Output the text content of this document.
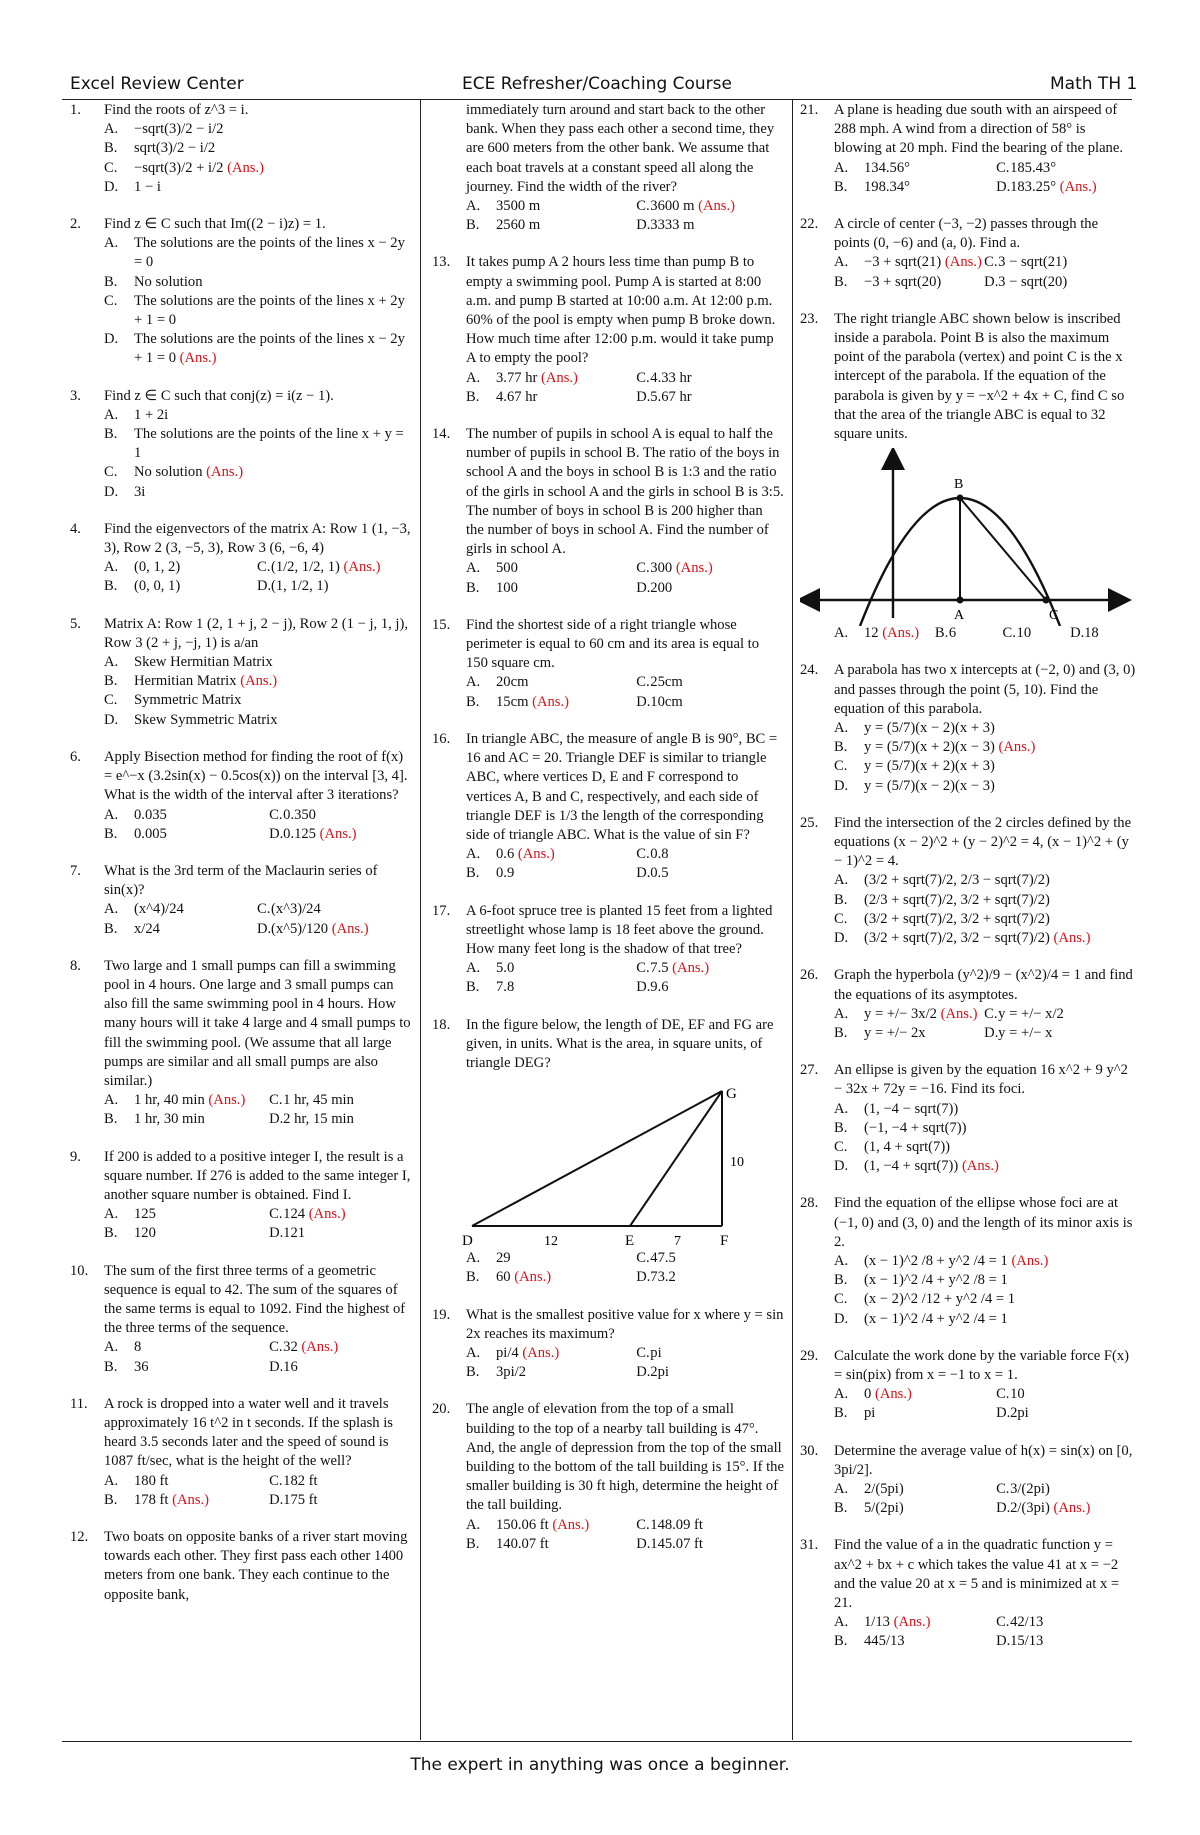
Excel Review Center	ECE Refresher/Coaching Course	Math TH 1
1. Find the roots of z^3 = i.
A. −sqrt(3)/2 − i/2
B. sqrt(3)/2 − i/2
C. −sqrt(3)/2 + i/2 (Ans.)
D. 1 − i
2. Find z ∈ C such that Im((2 − i)z) = 1.
A. The solutions are the points of the lines x − 2y = 0
B. No solution
C. The solutions are the points of the lines x + 2y + 1 = 0
D. The solutions are the points of the lines x − 2y + 1 = 0 (Ans.)
3. Find z ∈ C such that conj(z) = i(z − 1).
A. 1 + 2i
B. The solutions are the points of the line x + y = 1
C. No solution (Ans.)
D. 3i
4. Find the eigenvectors of the matrix A: Row 1 (1, −3, 3), Row 2 (3, −5, 3), Row 3 (6, −6, 4)
A. (0, 1, 2)	C. (1/2, 1/2, 1) (Ans.)
B. (0, 0, 1)	D. (1, 1/2, 1)
5. Matrix A: Row 1 (2, 1 + j, 2 − j), Row 2 (1 − j, 1, j), Row 3 (2 + j, −j, 1) is a/an
A. Skew Hermitian Matrix
B. Hermitian Matrix (Ans.)
C. Symmetric Matrix
D. Skew Symmetric Matrix
6. Apply Bisection method for finding the root of f(x) = e^−x (3.2sin(x) − 0.5cos(x)) on the interval [3, 4]. What is the width of the interval after 3 iterations?
A. 0.035	C. 0.350
B. 0.005	D. 0.125 (Ans.)
7. What is the 3rd term of the Maclaurin series of sin(x)?
A. (x^4)/24	C. (x^3)/24
B. x/24	D. (x^5)/120 (Ans.)
8. Two large and 1 small pumps can fill a swimming pool in 4 hours. One large and 3 small pumps can also fill the same swimming pool in 4 hours. How many hours will it take 4 large and 4 small pumps to fill the swimming pool. (We assume that all large pumps are similar and all small pumps are also similar.)
A. 1 hr, 40 min (Ans.)	C. 1 hr, 45 min
B. 1 hr, 30 min	D. 2 hr, 15 min
9. If 200 is added to a positive integer I, the result is a square number. If 276 is added to the same integer I, another square number is obtained. Find I.
A. 125	C. 124 (Ans.)
B. 120	D. 121
10. The sum of the first three terms of a geometric sequence is equal to 42. The sum of the squares of the same terms is equal to 1092. Find the highest of the three terms of the sequence.
A. 8	C. 32 (Ans.)
B. 36	D. 16
11. A rock is dropped into a water well and it travels approximately 16 t^2 in t seconds. If the splash is heard 3.5 seconds later and the speed of sound is 1087 ft/sec, what is the height of the well?
A. 180 ft	C. 182 ft
B. 178 ft (Ans.)	D. 175 ft
12. Two boats on opposite banks of a river start moving towards each other. They first pass each other 1400 meters from one bank. They each continue to the opposite bank,
immediately turn around and start back to the other bank. When they pass each other a second time, they are 600 meters from the other bank. We assume that each boat travels at a constant speed all along the journey. Find the width of the river?
A. 3500 m	C. 3600 m (Ans.)
B. 2560 m	D. 3333 m
13. It takes pump A 2 hours less time than pump B to empty a swimming pool. Pump A is started at 8:00 a.m. and pump B started at 10:00 a.m. At 12:00 p.m. 60% of the pool is empty when pump B broke down. How much time after 12:00 p.m. would it take pump A to empty the pool?
A. 3.77 hr (Ans.)	C. 4.33 hr
B. 4.67 hr	D. 5.67 hr
14. The number of pupils in school A is equal to half the number of pupils in school B. The ratio of the boys in school A and the boys in school B is 1:3 and the ratio of the girls in school A and the girls in school B is 3:5. The number of boys in school B is 200 higher than the number of boys in school A. Find the number of girls in school A.
A. 500	C. 300 (Ans.)
B. 100	D. 200
15. Find the shortest side of a right triangle whose perimeter is equal to 60 cm and its area is equal to 150 square cm.
A. 20cm	C. 25cm
B. 15cm (Ans.)	D. 10cm
16. In triangle ABC, the measure of angle B is 90°, BC = 16 and AC = 20. Triangle DEF is similar to triangle ABC, where vertices D, E and F correspond to vertices A, B and C, respectively, and each side of triangle DEF is 1/3 the length of the corresponding side of triangle ABC. What is the value of sin F?
A. 0.6 (Ans.)	C. 0.8
B. 0.9	D. 0.5
17. A 6-foot spruce tree is planted 15 feet from a lighted streetlight whose lamp is 18 feet above the ground. How many feet long is the shadow of that tree?
A. 5.0	C. 7.5 (Ans.)
B. 7.8	D. 9.6
18. In the figure below, the length of DE, EF and FG are given, in units. What is the area, in square units, of triangle DEG?
D	E	F
G
12	7
10
A. 29	C. 47.5
B. 60 (Ans.)	D. 73.2
19. What is the smallest positive value for x where y = sin 2x reaches its maximum?
A. pi/4 (Ans.)	C. pi
B. 3pi/2	D. 2pi
20. The angle of elevation from the top of a small building to the top of a nearby tall building is 47°. And, the angle of depression from the top of the small building to the bottom of the tall building is 15°. If the smaller building is 30 ft high, determine the height of the tall building.
A. 150.06 ft (Ans.)	C. 148.09 ft
B. 140.07 ft	D. 145.07 ft
21. A plane is heading due south with an airspeed of 288 mph. A wind from a direction of 58° is blowing at 20 mph. Find the bearing of the plane.
A. 134.56°	C. 185.43°
B. 198.34°	D. 183.25° (Ans.)
22. A circle of center (−3, −2) passes through the points (0, −6) and (a, 0). Find a.
A. −3 + sqrt(21) (Ans.) C. 3 − sqrt(21)
B. −3 + sqrt(20)	D. 3 − sqrt(20)
23. The right triangle ABC shown below is inscribed inside a parabola. Point B is also the maximum point of the parabola (vertex) and point C is the x intercept of the parabola. If the equation of the parabola is given by y = −x^2 + 4x + C, find C so that the area of the triangle ABC is equal to 32 square units.
B
A	C
A. 12 (Ans.)	B. 6	C. 10	D. 18
24. A parabola has two x intercepts at (−2, 0) and (3, 0) and passes through the point (5, 10). Find the equation of this parabola.
A. y = (5/7)(x − 2)(x + 3)
B. y = (5/7)(x + 2)(x − 3) (Ans.)
C. y = (5/7)(x + 2)(x + 3)
D. y = (5/7)(x − 2)(x − 3)
25. Find the intersection of the 2 circles defined by the equations (x − 2)^2 + (y − 2)^2 = 4, (x − 1)^2 + (y − 1)^2 = 4.
A. (3/2 + sqrt(7)/2, 2/3 − sqrt(7)/2)
B. (2/3 + sqrt(7)/2, 3/2 + sqrt(7)/2)
C. (3/2 + sqrt(7)/2, 3/2 + sqrt(7)/2)
D. (3/2 + sqrt(7)/2, 3/2 − sqrt(7)/2) (Ans.)
26. Graph the hyperbola (y^2)/9 − (x^2)/4 = 1 and find the equations of its asymptotes.
A. y = +/− 3x/2 (Ans.) C. y = +/− x/2
B. y = +/− 2x	D. y = +/− x
27. An ellipse is given by the equation 16 x^2 + 9 y^2 − 32x + 72y = −16. Find its foci.
A. (1, −4 − sqrt(7))
B. (−1, −4 + sqrt(7))
C. (1, 4 + sqrt(7))
D. (1, −4 + sqrt(7)) (Ans.)
28. Find the equation of the ellipse whose foci are at (−1, 0) and (3, 0) and the length of its minor axis is 2.
A. (x − 1)^2 /8 + y^2 /4 = 1 (Ans.)
B. (x − 1)^2 /4 + y^2 /8 = 1
C. (x − 2)^2 /12 + y^2 /4 = 1
D. (x − 1)^2 /4 + y^2 /4 = 1
29. Calculate the work done by the variable force F(x) = sin(pix) from x = −1 to x = 1.
A. 0 (Ans.)	C. 10
B. pi	D. 2pi
30. Determine the average value of h(x) = sin(x) on [0, 3pi/2].
A. 2/(5pi)	C. 3/(2pi)
B. 5/(2pi)	D. 2/(3pi) (Ans.)
31. Find the value of a in the quadratic function y = ax^2 + bx + c which takes the value 41 at x = −2 and the value 20 at x = 5 and is minimized at x = 21.
A. 1/13 (Ans.)	C. 42/13
B. 445/13	D. 15/13
The expert in anything was once a beginner.
